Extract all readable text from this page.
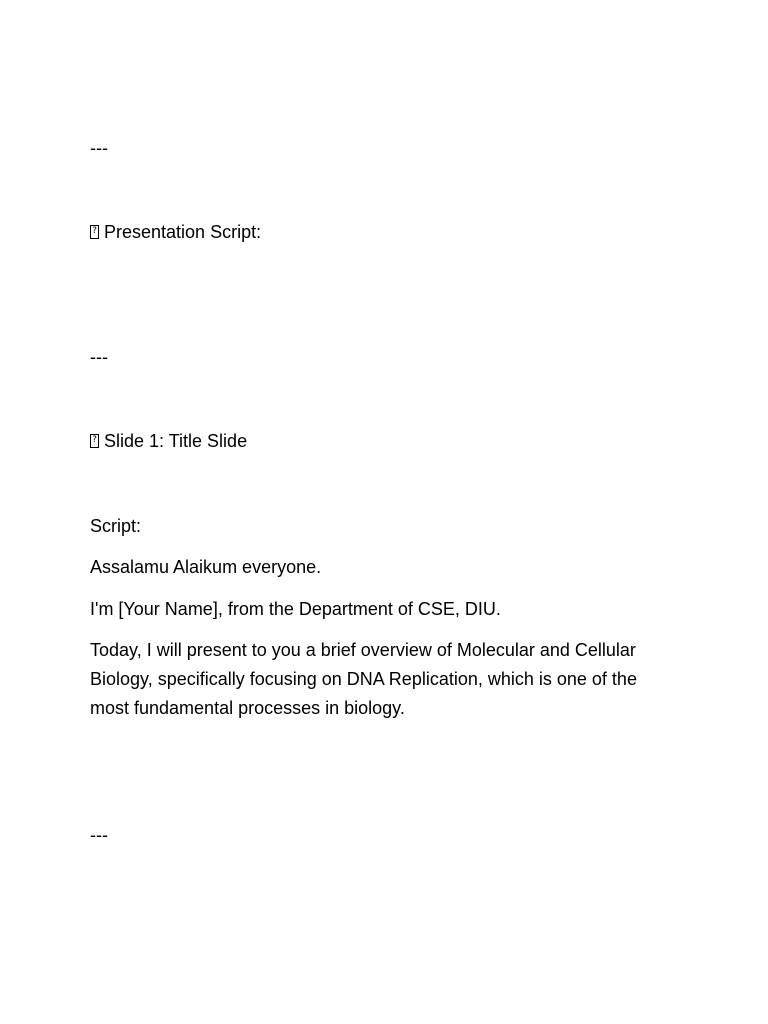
---
?Presentation Script:
---
?Slide 1: Title Slide
Script:
Assalamu Alaikum everyone.
I'm [Your Name], from the Department of CSE, DIU.
Today, I will present to you a brief overview of Molecular and Cellular Biology, specifically focusing on DNA Replication, which is one of the most fundamental processes in biology.
---
